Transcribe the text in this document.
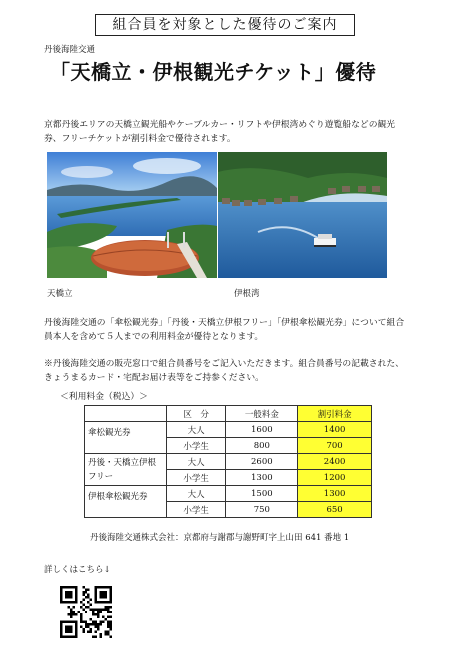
組合員を対象とした優待のご案内
丹後海陸交通
「天橋立・伊根観光チケット」優待
京都丹後エリアの天橋立観光船やケーブルカー・リフトや伊根湾めぐり遊覧船などの観光券、フリーチケットが割引料金で優待されます。
天橋立	伊根湾
丹後海陸交通の「傘松観光券」「丹後・天橋立伊根フリー」「伊根傘松観光券」について組合員本人を含めて５人までの利用料金が優待となります。
※丹後海陸交通の販売窓口で組合員番号をご記入いただきます。組合員番号の記載された、きょうまるカード・宅配お届け表等をご持参ください。
＜利用料金（税込）＞
	区　分	一般料金	割引料金
傘松観光券	大人	1600	1400
	小学生	800	700
丹後・天橋立伊根フリー	大人	2600	2400
	小学生	1300	1200
伊根傘松観光券	大人	1500	1300
	小学生	750	650
丹後海陸交通株式会社：京都府与謝郡与謝野町字上山田 641 番地 1
詳しくはこちら↓
